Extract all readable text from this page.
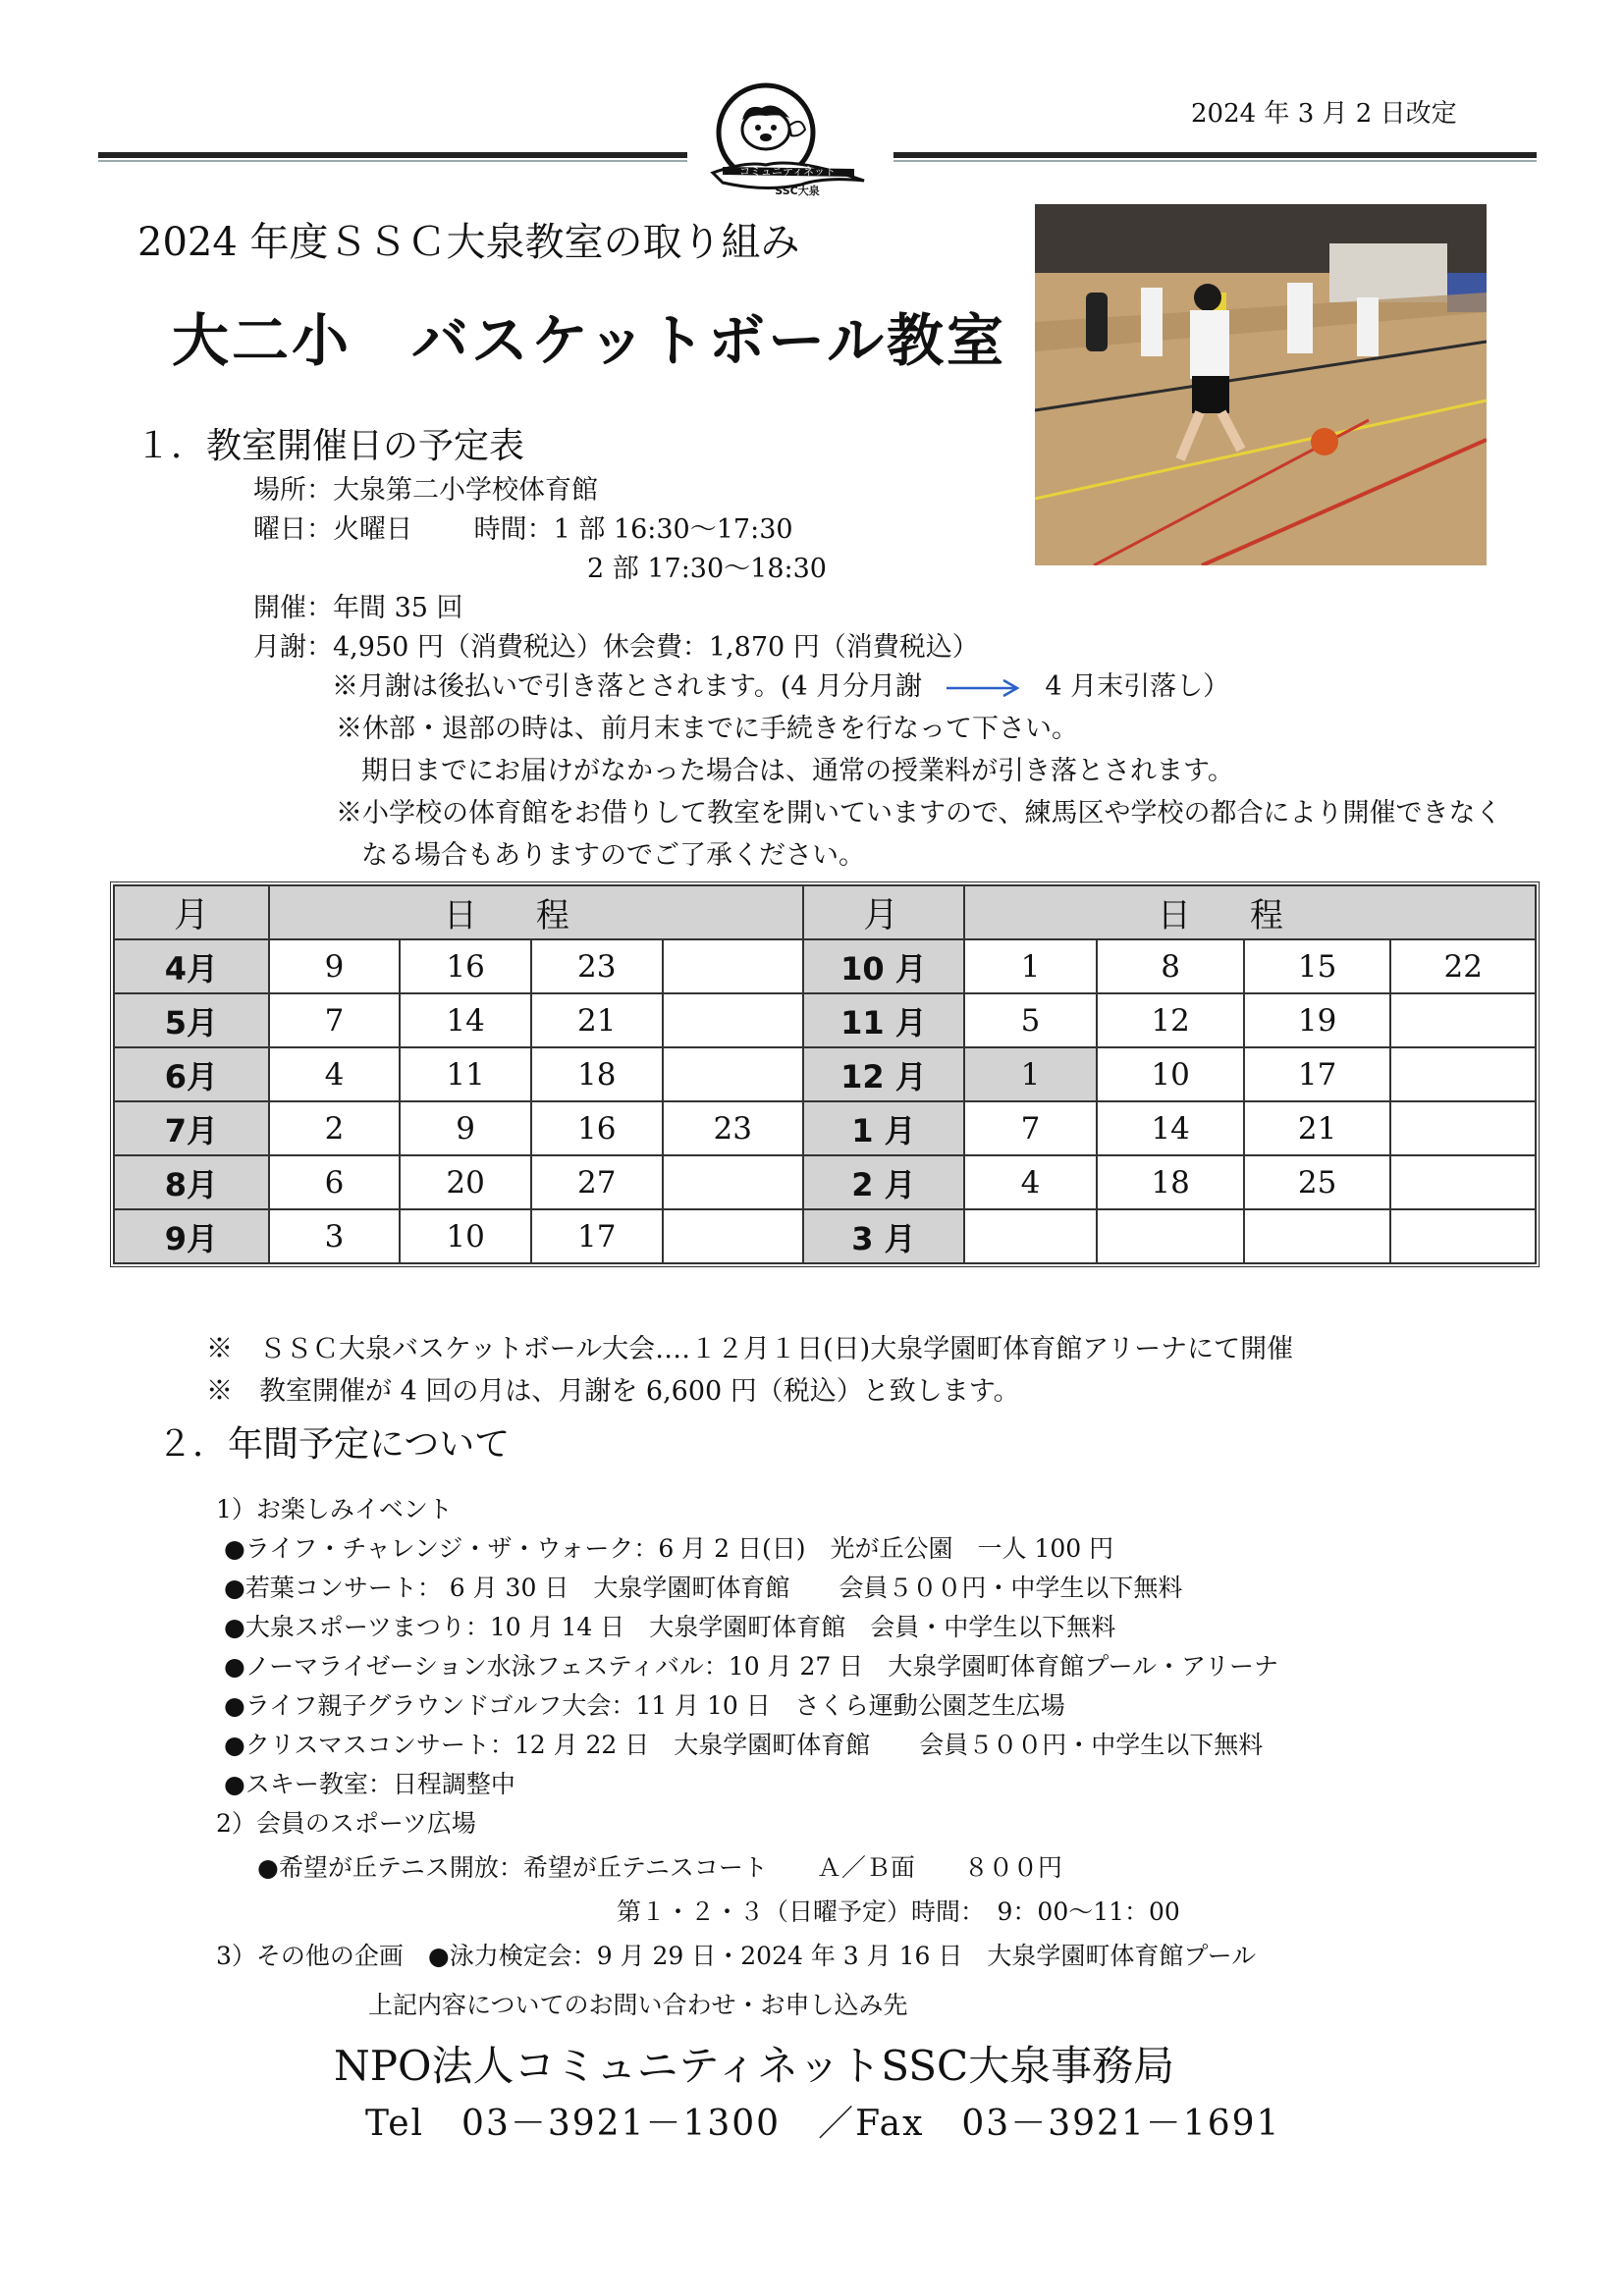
2024 年 3 月 2 日改定
コミュニティネット
SSC大泉
2024 年度ＳＳＣ大泉教室の取り組み
大二小　バスケットボール教室
１．教室開催日の予定表
場所：大泉第二小学校体育館
曜日：火曜日　　 時間：1 部 16:30～17:30
2 部 17:30～18:30
開催：年間 35 回
月謝：4,950 円（消費税込）休会費：1,870 円（消費税込）
※月謝は後払いで引き落とされます。(4 月分月謝	4 月末引落し）
※休部・退部の時は、前月末までに手続きを行なって下さい。
期日までにお届けがなかった場合は、通常の授業料が引き落とされます。
※小学校の体育館をお借りして教室を開いていますので、練馬区や学校の都合により開催できなく
なる場合もありますのでご了承ください。
月	日程				月	日程			
4月	9	16	23		10 月	1	8	15	22
5月	7	14	21		11 月	5	12	19	
6月	4	11	18		12 月	1	10	17	
7月	2	9	16	23	1 月	7	14	21	
8月	6	20	27		2 月	4	18	25	
9月	3	10	17		3 月				
※　ＳＳＣ大泉バスケットボール大会‥‥１２月１日(日)大泉学園町体育館アリーナにて開催
※　教室開催が 4 回の月は、月謝を 6,600 円（税込）と致します。
２．年間予定について
1）お楽しみイベント
●ライフ・チャレンジ・ザ・ウォーク：6 月 2 日(日)　光が丘公園　一人 100 円
●若葉コンサート： 6 月 30 日　大泉学園町体育館　　会員５００円・中学生以下無料
●大泉スポーツまつり：10 月 14 日　大泉学園町体育館　会員・中学生以下無料
●ノーマライゼーション水泳フェスティバル：10 月 27 日　大泉学園町体育館プール・アリーナ
●ライフ親子グラウンドゴルフ大会：11 月 10 日　さくら運動公園芝生広場
●クリスマスコンサート：12 月 22 日　大泉学園町体育館　　会員５００円・中学生以下無料
●スキー教室：日程調整中
2）会員のスポーツ広場
●希望が丘テニス開放：希望が丘テニスコート　　Ａ／Ｂ面　　８００円
第１・２・３（日曜予定）時間：　9：00～11：00
3）その他の企画　●泳力検定会：9 月 29 日・2024 年 3 月 16 日　大泉学園町体育館プール
上記内容についてのお問い合わせ・お申し込み先
NPO法人コミュニティネットSSC大泉事務局
Tel　03－3921－1300　／Fax　03－3921－1691
